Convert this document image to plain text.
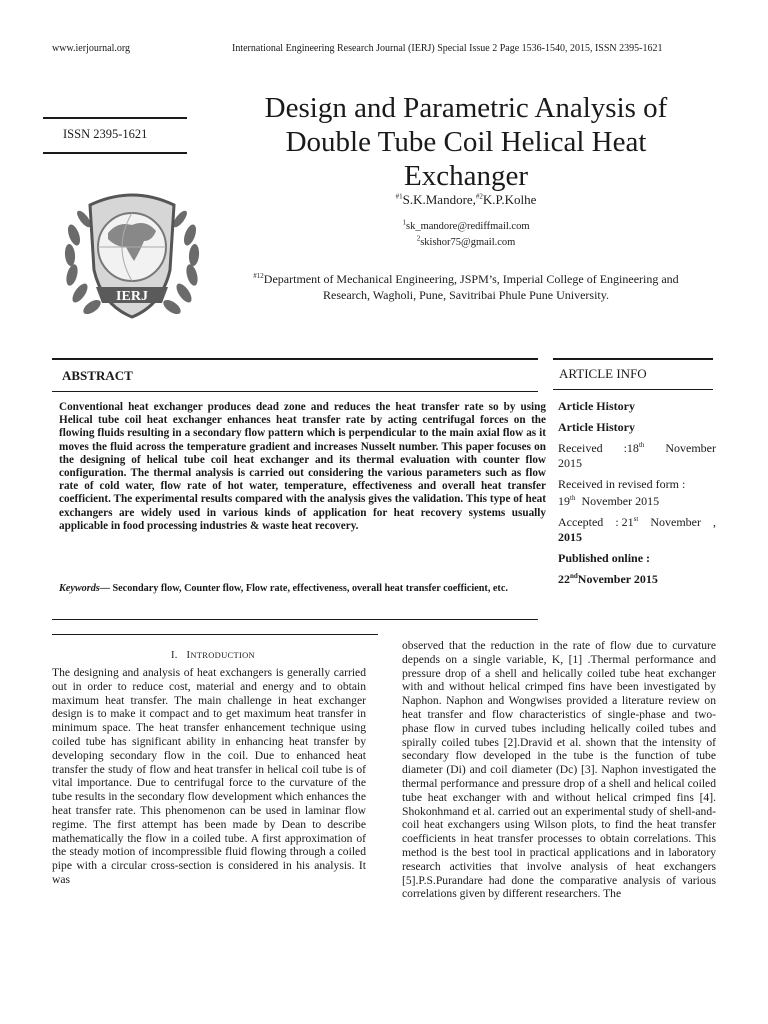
www.ierjournal.org	International Engineering Research Journal (IERJ) Special Issue 2 Page 1536-1540, 2015, ISSN 2395-1621
ISSN 2395-1621
IERJ
Design and Parametric Analysis of Double Tube Coil Helical Heat Exchanger
$^{\#1}$S.K.Mandore,$^{\#2}$K.P.Kolhe
$^1$sk_mandore@rediffmail.com
$^2$skishor75@gmail.com
$^{\#12}$Department of Mechanical Engineering, JSPM’s, Imperial College of Engineering and Research, Wagholi, Pune, Savitribai Phule Pune University.
ABSTRACT
Conventional heat exchanger produces dead zone and reduces the heat transfer rate so by using Helical tube coil heat exchanger enhances heat transfer rate by acting centrifugal forces on the flowing fluids resulting in a secondary flow pattern which is perpendicular to the main axial flow as it moves the fluid across the temperature gradient and increases Nusselt number. This paper focuses on the designing of helical tube coil heat exchanger and its thermal evaluation with counter flow configuration. The thermal analysis is carried out considering the various parameters such as flow rate of cold water, flow rate of hot water, temperature, effectiveness and overall heat transfer coefficient. The experimental results compared with the analysis gives the validation. This type of heat exchangers are widely used in various kinds of application for heat recovery systems usually applicable in food processing industries & waste heat recovery.
Keywords— Secondary flow, Counter flow, Flow rate, effectiveness, overall heat transfer coefficient, etc.
ARTICLE INFO
Article History
Article History
Received :18th November
2015
Received in revised form :
19th November 2015
Accepted : 21st November ,
2015
Published online :
22ndNovember 2015
I. INTRODUCTION
The designing and analysis of heat exchangers is generally carried out in order to reduce cost, material and energy and to obtain maximum heat transfer. The main challenge in heat exchanger design is to make it compact and to get maximum heat transfer in minimum space. The heat transfer enhancement technique using coiled tube has significant ability in enhancing heat transfer by developing secondary flow in the coil. Due to enhanced heat transfer the study of flow and heat transfer in helical coil tube is of vital importance. Due to centrifugal force to the curvature of the tube results in the secondary flow development which enhances the heat transfer rate. This phenomenon can be used in laminar flow regime. The first attempt has been made by Dean to describe mathematically the flow in a coiled tube. A first approximation of the steady motion of incompressible fluid flowing through a coiled pipe with a circular cross-section is considered in his analysis. It was
observed that the reduction in the rate of flow due to curvature depends on a single variable, K, [1] .Thermal performance and pressure drop of a shell and helically coiled tube heat exchanger with and without helical crimped fins have been investigated by Naphon. Naphon and Wongwises provided a literature review on heat transfer and flow characteristics of single-phase and two-phase flow in curved tubes including helically coiled tubes and spirally coiled tubes [2].Dravid et al. shown that the intensity of secondary flow developed in the tube is the function of tube diameter (Di) and coil diameter (Dc) [3]. Naphon investigated the thermal performance and pressure drop of a shell and helical coiled tube heat exchanger with and without helical crimped fins [4]. Shokonhmand et al. carried out an experimental study of shell-and-coil heat exchangers using Wilson plots, to find the heat transfer coefficients in heat transfer processes to obtain correlations. This method is the best tool in practical applications and in laboratory research activities that involve analysis of heat exchangers [5].P.S.Purandare had done the comparative analysis of various correlations given by different researchers. The
